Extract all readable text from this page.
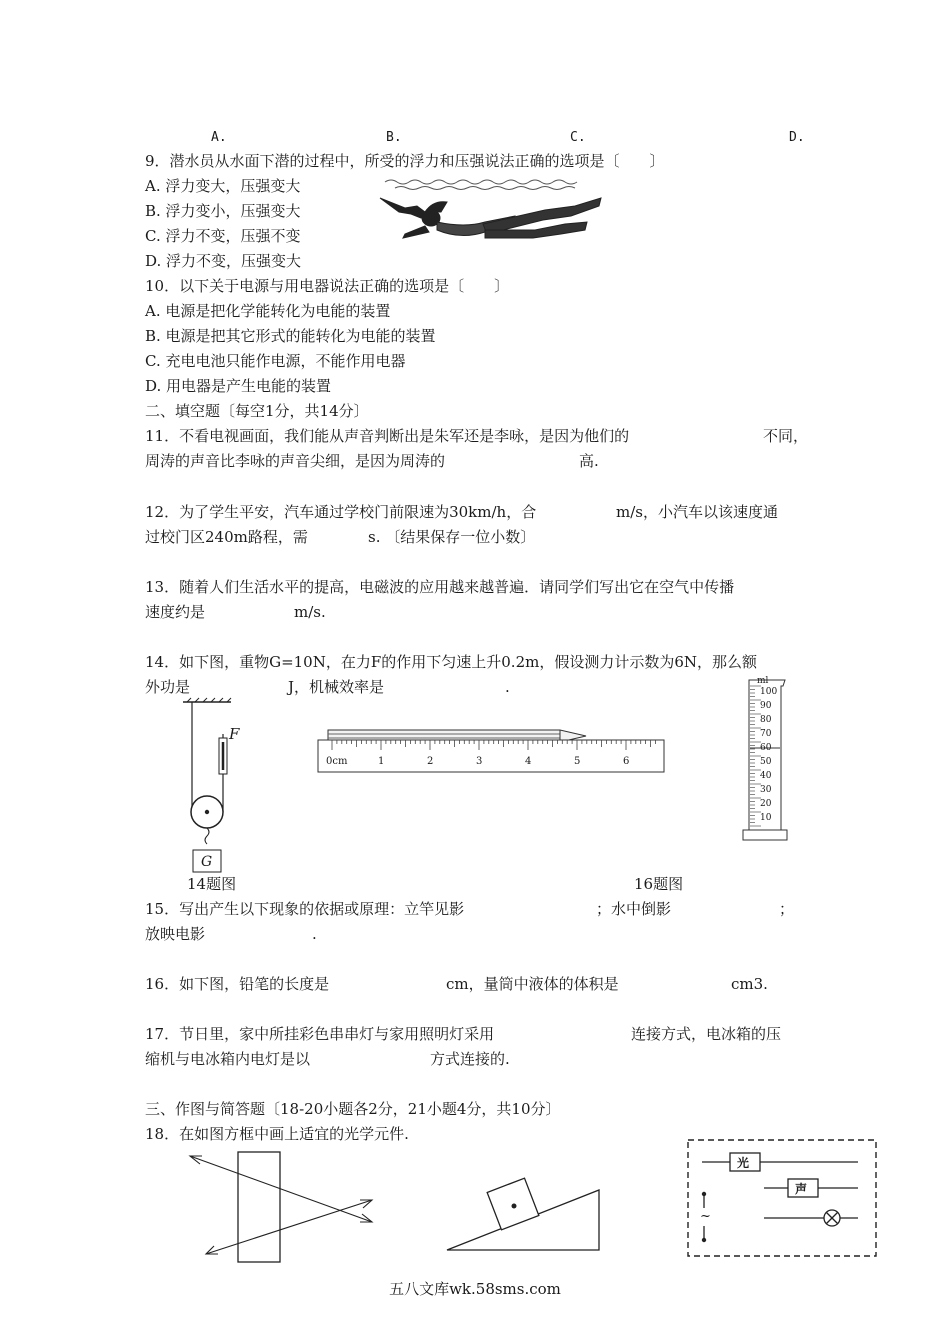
A.	B.	C.	D.
9．潜水员从水面下潜的过程中，所受的浮力和压强说法正确的选项是〔　　〕
A. 浮力变大，压强变大
B. 浮力变小，压强变大
C. 浮力不变，压强不变
D. 浮力不变，压强变大
10．以下关于电源与用电器说法正确的选项是〔　　〕
A. 电源是把化学能转化为电能的装置
B. 电源是把其它形式的能转化为电能的装置
C. 充电电池只能作电源，不能作用电器
D. 用电器是产生电能的装置
二、填空题〔每空1分，共14分〕
11．不看电视画面，我们能从声音判断出是朱军还是李咏，是因为他们的	不同，
周涛的声音比李咏的声音尖细，是因为周涛的	高.
12．为了学生平安，汽车通过学校门前限速为30km/h，合	m/s，小汽车以该速度通
过校门区240m路程，需	s. 〔结果保存一位小数〕
13．随着人们生活水平的提高，电磁波的应用越来越普遍．请同学们写出它在空气中传播
速度约是	m/s.
14．如下图，重物G=10N，在力F的作用下匀速上升0.2m，假设测力计示数为6N，那么额
外功是	J，机械效率是	.
F
G
0cm	1	2	3	4	5	6
ml
100
90
80
70
60
50
40
30
20
10
14题图	16题图
15．写出产生以下现象的依据或原理：立竿见影	；水中倒影	；
放映电影	.
16．如下图，铅笔的长度是	cm，量筒中液体的体积是	cm3.
17．节日里，家中所挂彩色串串灯与家用照明灯采用	连接方式，电冰箱的压
缩机与电冰箱内电灯是以	方式连接的.
三、作图与简答题〔18-20小题各2分，21小题4分，共10分〕
18．在如图方框中画上适宜的光学元件.
光
声
~
五八文库wk.58sms.com
